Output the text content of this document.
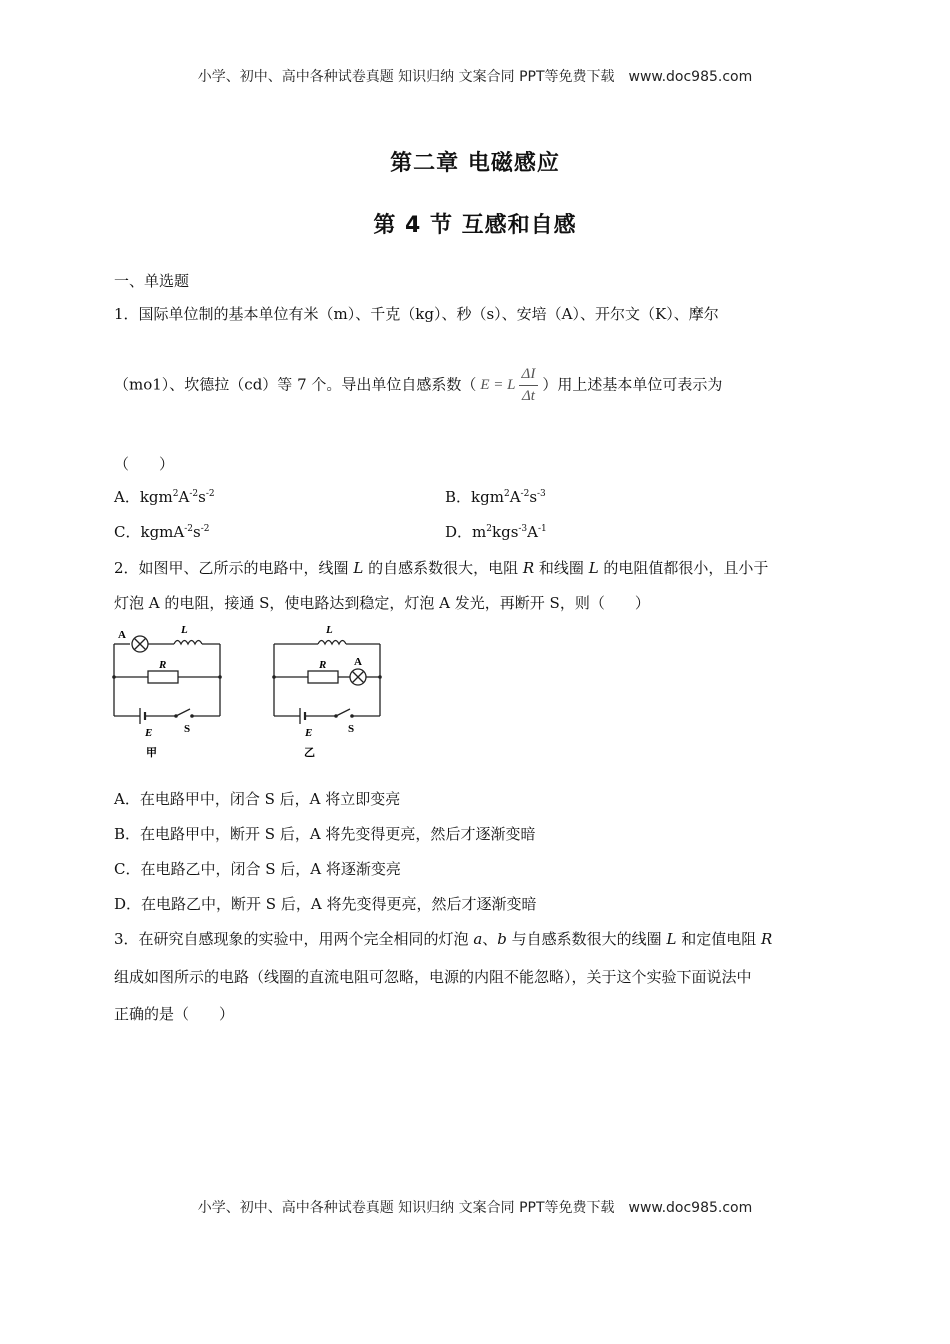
小学、初中、高中各种试卷真题 知识归纳 文案合同 PPT等免费下载 www.doc985.com
第二章 电磁感应
第 4 节 互感和自感
一、单选题
1．国际单位制的基本单位有米（m）、千克（kg）、秒（s）、安培（A）、开尔文（K）、摩尔
（mo1）、坎德拉（cd）等 7 个。导出单位自感系数（ E = L $\frac{\Delta I}{\Delta t}$ ）用上述基本单位可表示为
（　　）
A．$kgm^2A^{-2}s^{-2}$	B．$kgm^2A^{-2}s^{-3}$
C．$kgmA^{-2}s^{-2}$	D．$m^2kgs^{-3}A^{-1}$
2．如图甲、乙所示的电路中，线圈 L 的自感系数很大，电阻 R 和线圈 L 的电阻值都很小，且小于
灯泡 A 的电阻，接通 S，使电路达到稳定，灯泡 A 发光，再断开 S，则（　　）
A	L
R
E	S
甲
L
R	A
E	S
乙
A．在电路甲中，闭合 S 后，A 将立即变亮
B．在电路甲中，断开 S 后，A 将先变得更亮，然后才逐渐变暗
C．在电路乙中，闭合 S 后，A 将逐渐变亮
D．在电路乙中，断开 S 后，A 将先变得更亮，然后才逐渐变暗
3．在研究自感现象的实验中，用两个完全相同的灯泡 a、b 与自感系数很大的线圈 L 和定值电阻 R
组成如图所示的电路（线圈的直流电阻可忽略，电源的内阻不能忽略），关于这个实验下面说法中
正确的是（　　）
小学、初中、高中各种试卷真题 知识归纳 文案合同 PPT等免费下载 www.doc985.com
